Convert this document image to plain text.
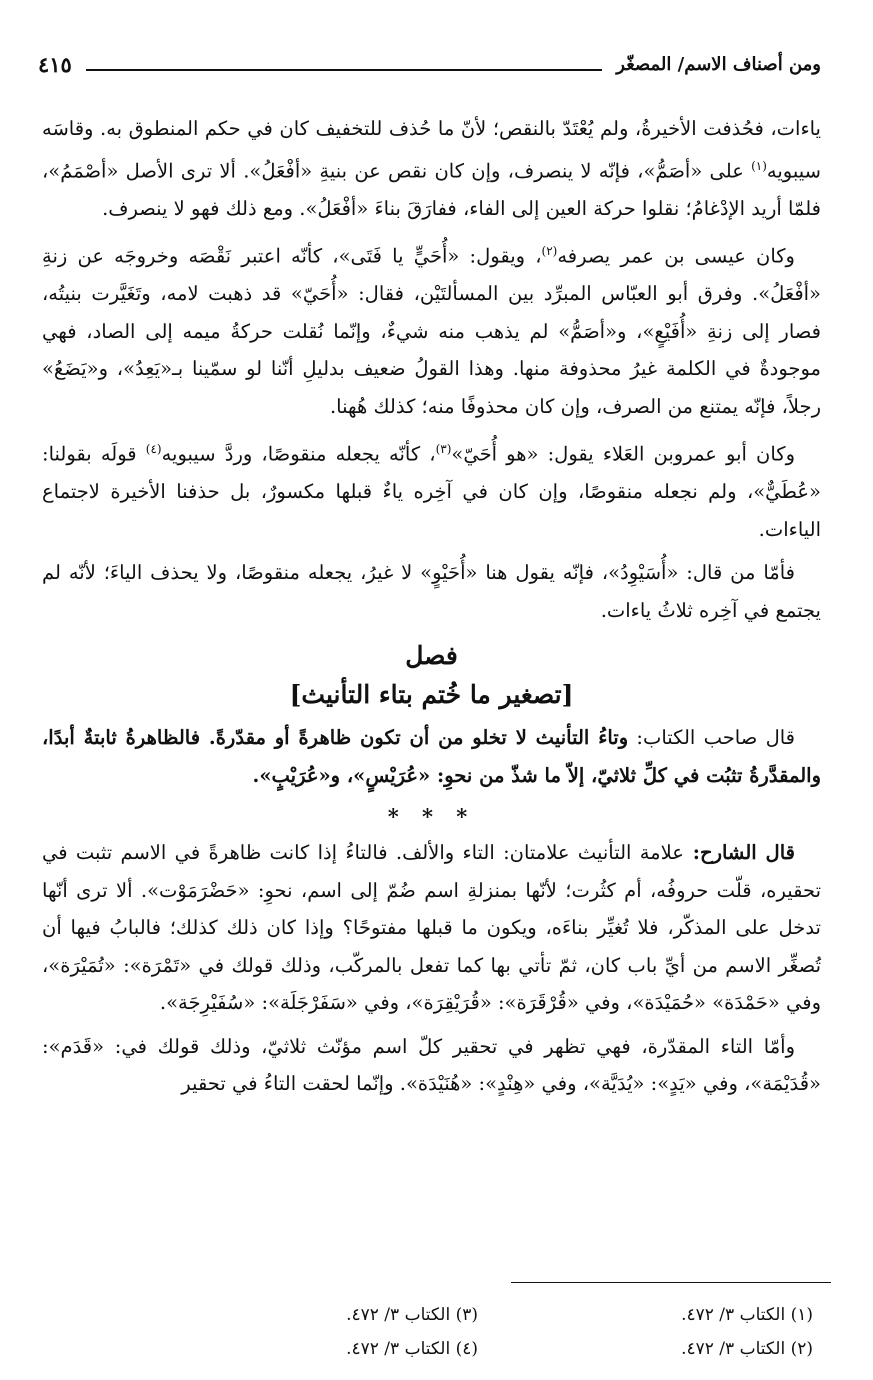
ومن أصناف الاسم/ المصغّر
٤١٥

ياءات، فحُذفت الأخيرةُ، ولم يُعْتَدّ بالنقص؛ لأنّ ما حُذف للتخفيف كان في حكم المنطوق به. وقاسَه سيبويه$^{(١)}$ على «أصَمُّ»، فإنّه لا ينصرف، وإن كان نقص عن بنيةِ «أفْعَلُ». ألا ترى الأصل «أصْمَمُ»، فلمّا أريد الإدْغامُ؛ نقلوا حركة العين إلى الفاء، ففارَقَ بناءَ «أفْعَلُ». ومع ذلك فهو لا ينصرف.

وكان عيسى بن عمر يصرفه$^{(٢)}$، ويقول: «أُحَيٍّ يا فَتَى»، كأنّه اعتبر نَقْصَه وخروجَه عن زنةِ «أفْعَلُ». وفرق أبو العبّاس المبرِّد بين المسألتَيْن، فقال: «أُحَيّ» قد ذهبت لامه، وتَغَيَّرت بنيتُه، فصار إلى زنةِ «أُفَيْعٍ»، و«أصَمُّ» لم يذهب منه شيءٌ، وإنّما نُقلت حركةُ ميمه إلى الصاد، فهي موجودةٌ في الكلمة غيرُ محذوفة منها. وهذا القولُ ضعيف بدليلِ أنّنا لو سمّينا بـ«يَعِدُ»، و«يَضَعُ» رجلاً، فإنّه يمتنع من الصرف، وإن كان محذوفًا منه؛ كذلك هُهنا.

وكان أبو عمروبن العَلاء يقول: «هو أُحَيّ»$^{(٣)}$، كأنّه يجعله منقوصًا، وردَّ سيبويه$^{(٤)}$ قولَه بقولنا: «عُطَيٌّ»، ولم نجعله منقوصًا، وإن كان في آخِره ياءٌ قبلها مكسورٌ، بل حذفنا الأخيرة لاجتماع الياءات.

فأمّا من قال: «أُسَيْوِدُ»، فإنّه يقول هنا «أُحَيْوٍ» لا غيرُ، يجعله منقوصًا، ولا يحذف الياءَ؛ لأنّه لم يجتمع في آخِره ثلاثُ ياءات.

فصل
[تصغير ما خُتم بتاء التأنيث]

قال صاحب الكتاب: وتاءُ التأنيث لا تخلو من أن تكون ظاهرةً أو مقدّرةً. فالظاهرةُ ثابتةٌ أبدًا، والمقدَّرةُ تثبُت في كلِّ ثلاثيّ، إلاّ ما شذّ من نحوِ: «عُرَيْسٍ»، و«عُرَيْبٍ».

* * *

قال الشارح: علامة التأنيث علامتان: التاء والألف. فالتاءُ إذا كانت ظاهرةً في الاسم تثبت في تحقيره، قلّت حروفُه، أم كثُرت؛ لأنّها بمنزلةِ اسم ضُمّ إلى اسم، نحوِ: «حَضْرَمَوْت». ألا ترى أنّها تدخل على المذكّر، فلا تُغيِّر بناءَه، ويكون ما قبلها مفتوحًا؟ وإذا كان ذلك كذلك؛ فالبابُ فيها أن تُصغِّر الاسم من أيِّ باب كان، ثمّ تأتي بها كما تفعل بالمركّب، وذلك قولك في «تَمْرَة»: «تُمَيْرَة»، وفي «حَمْدَة» «حُمَيْدَة»، وفي «قُرْقَرَة»: «قُرَيْقِرَة»، وفي «سَفَرْجَلَة»: «سُفَيْرِجَة».

وأمّا التاء المقدّرة، فهي تظهر في تحقير كلّ اسم مؤنّث ثلاثيّ، وذلك قولك في: «قَدَم»: «قُدَيْمَة»، وفي «يَدٍ»: «يُدَيَّة»، وفي «هِنْدٍ»: «هُنَيْدَة». وإنّما لحقت التاءُ في تحقير

(١) الكتاب ٣/ ٤٧٢.
(٣) الكتاب ٣/ ٤٧٢.
(٢) الكتاب ٣/ ٤٧٢.
(٤) الكتاب ٣/ ٤٧٢.
